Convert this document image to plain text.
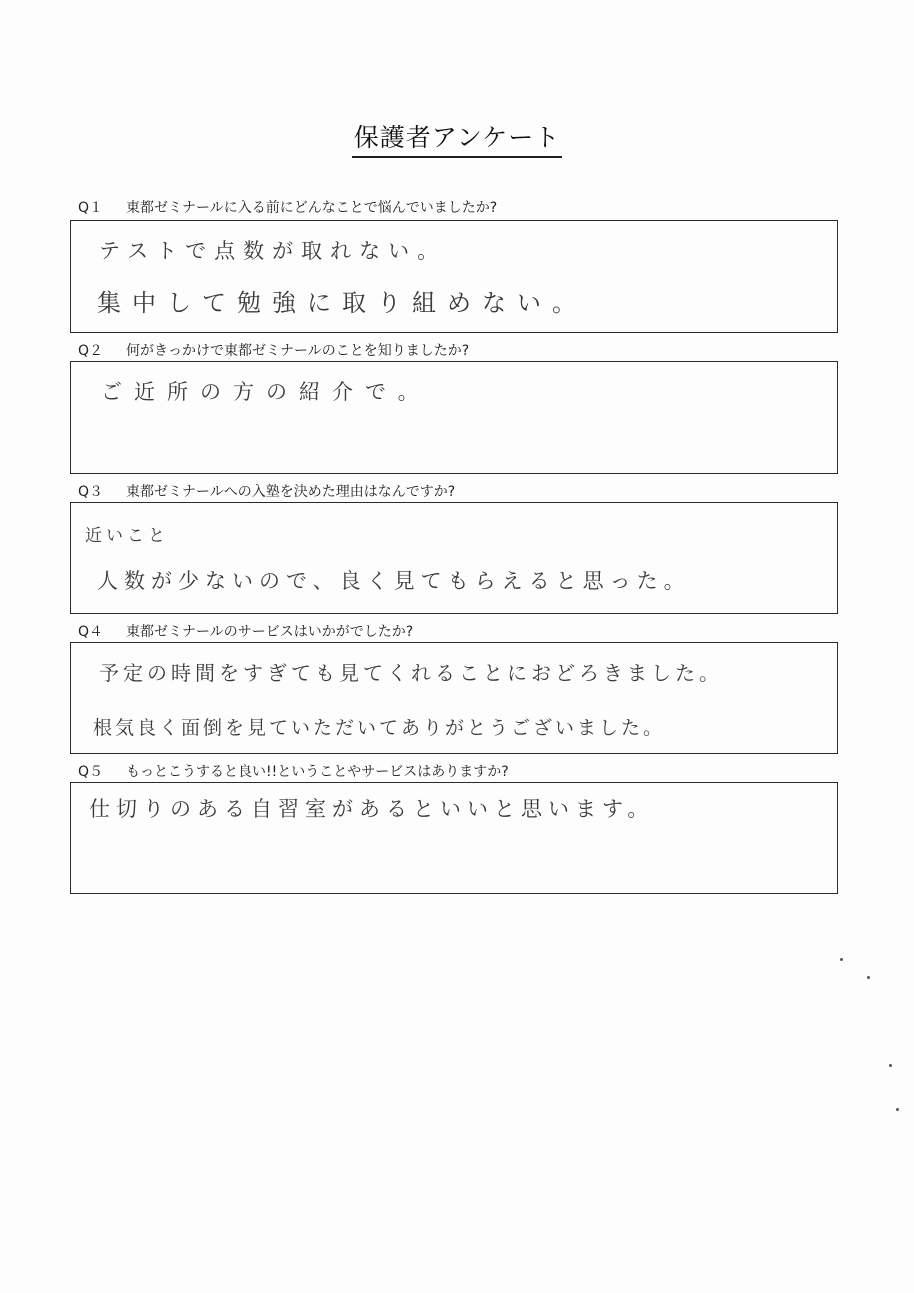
保護者アンケート
Q１ 東都ゼミナールに入る前にどんなことで悩んでいましたか?
テストで点数が取れない。
集中して勉強に取り組めない。
Q２ 何がきっかけで東都ゼミナールのことを知りましたか?
ご近所の方の紹介で。
Q３ 東都ゼミナールへの入塾を決めた理由はなんですか?
近いこと
人数が少ないので、良く見てもらえると思った。
Q４ 東都ゼミナールのサービスはいかがでしたか?
予定の時間をすぎても見てくれることにおどろきました。
根気良く面倒を見ていただいてありがとうございました。
Q５ もっとこうすると良い!!ということやサービスはありますか?
仕切りのある自習室があるといいと思います。
